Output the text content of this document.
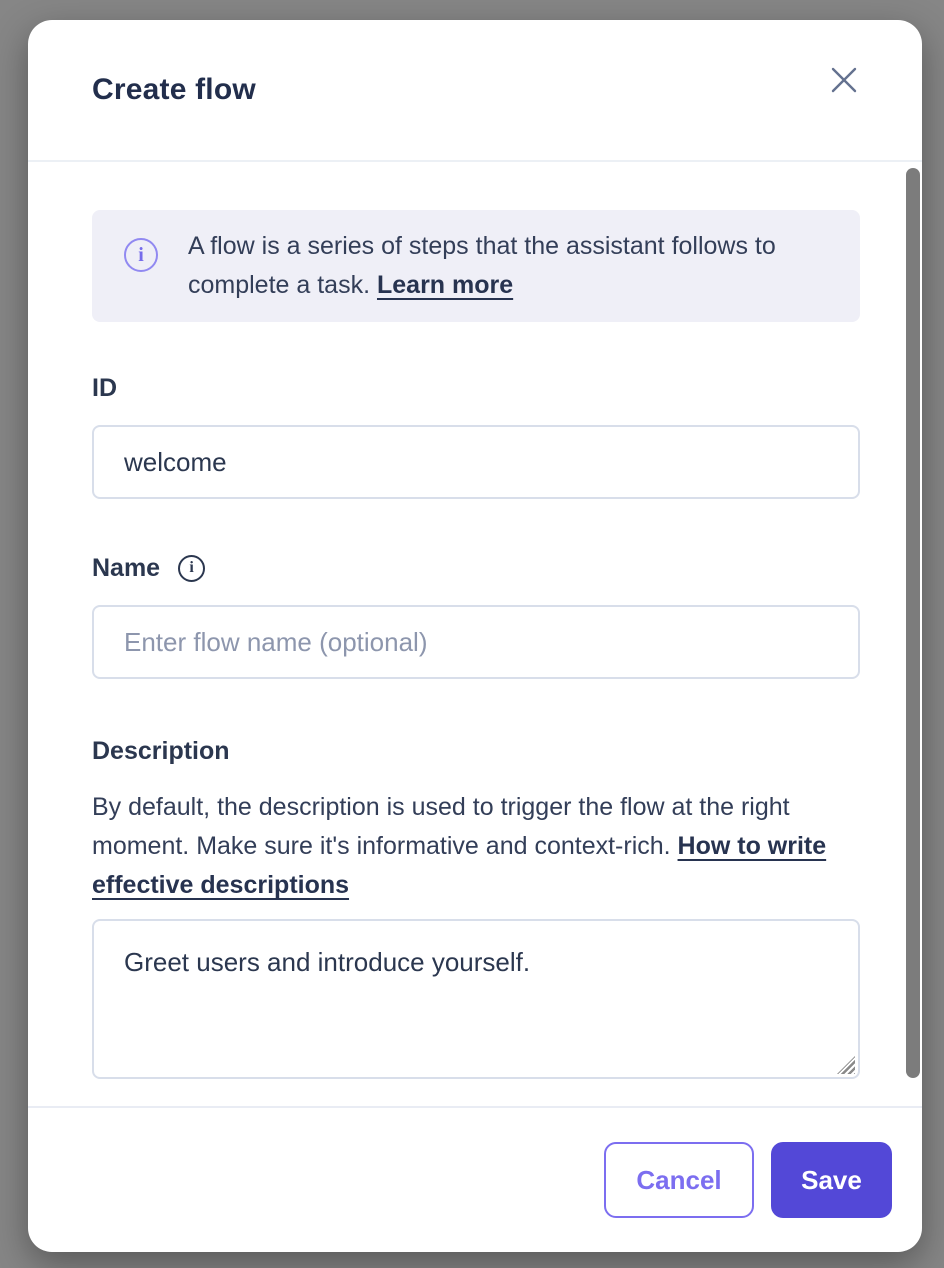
Create flow
i	A flow is a series of steps that the assistant follows to complete a task. Learn more
ID
welcome
Name	i
Enter flow name (optional)
Description
By default, the description is used to trigger the flow at the right moment. Make sure it's informative and context-rich. How to write effective descriptions
Greet users and introduce yourself.
Cancel	Save
